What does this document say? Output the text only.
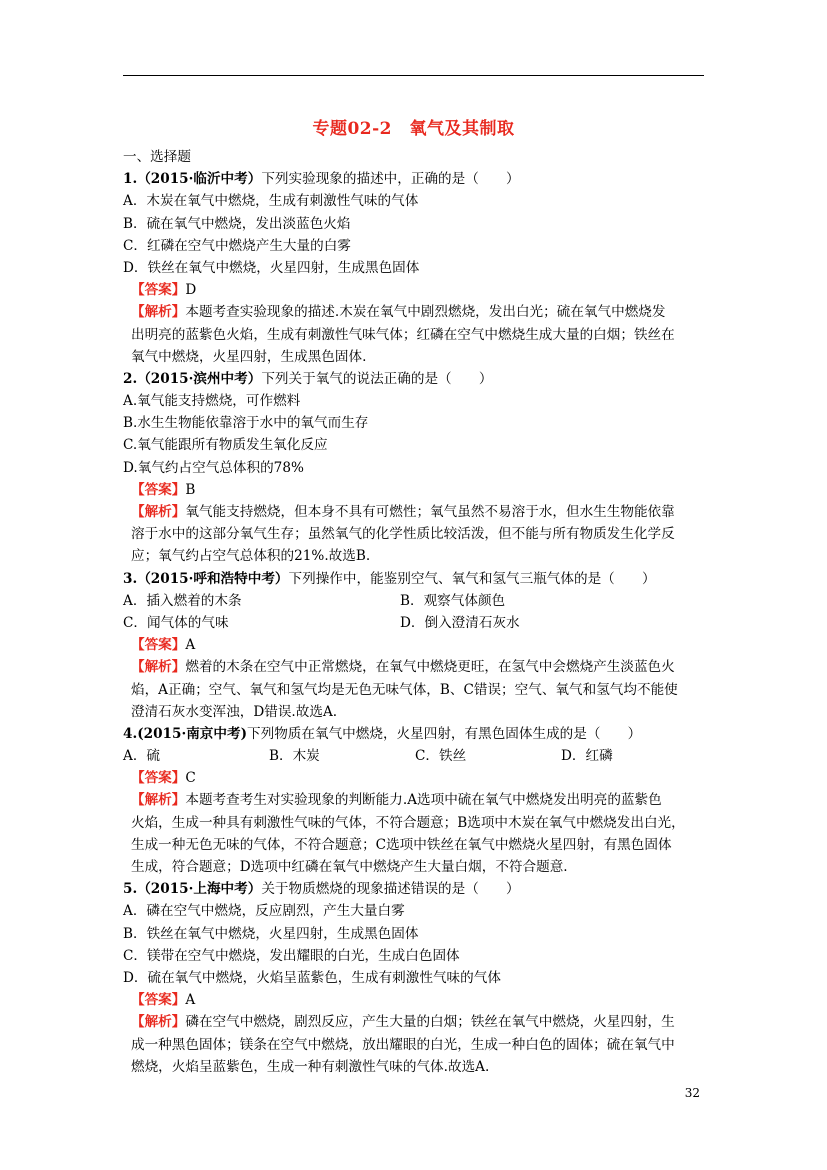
专题02-2　氧气及其制取
一、选择题
1.（2015·临沂中考）下列实验现象的描述中，正确的是（　　）
A．木炭在氧气中燃烧，生成有刺激性气味的气体
B．硫在氧气中燃烧，发出淡蓝色火焰
C．红磷在空气中燃烧产生大量的白雾
D．铁丝在氧气中燃烧，火星四射，生成黑色固体
【答案】D
【解析】本题考查实验现象的描述.木炭在氧气中剧烈燃烧，发出白光；硫在氧气中燃烧发
出明亮的蓝紫色火焰，生成有刺激性气味气体；红磷在空气中燃烧生成大量的白烟；铁丝在
氧气中燃烧，火星四射，生成黑色固体.
2.（2015·滨州中考）下列关于氧气的说法正确的是（　　）
A.氧气能支持燃烧，可作燃料
B.水生生物能依靠溶于水中的氧气而生存
C.氧气能跟所有物质发生氧化反应
D.氧气约占空气总体积的78%
【答案】B
【解析】氧气能支持燃烧，但本身不具有可燃性；氧气虽然不易溶于水，但水生生物能依靠
溶于水中的这部分氧气生存；虽然氧气的化学性质比较活泼，但不能与所有物质发生化学反
应；氧气约占空气总体积的21%.故选B.
3.（2015·呼和浩特中考）下列操作中，能鉴别空气、氧气和氢气三瓶气体的是（　　）
A．插入燃着的木条	B．观察气体颜色
C．闻气体的气味	D．倒入澄清石灰水
【答案】A
【解析】燃着的木条在空气中正常燃烧，在氧气中燃烧更旺，在氢气中会燃烧产生淡蓝色火
焰，A正确；空气、氧气和氢气均是无色无味气体，B、C错误；空气、氧气和氢气均不能使
澄清石灰水变浑浊，D错误.故选A.
4.(2015·南京中考)下列物质在氧气中燃烧，火星四射，有黑色固体生成的是（　　）
A．硫	B．木炭	C．铁丝	D．红磷
【答案】C
【解析】本题考查考生对实验现象的判断能力.A选项中硫在氧气中燃烧发出明亮的蓝紫色
火焰，生成一种具有刺激性气味的气体，不符合题意；B选项中木炭在氧气中燃烧发出白光，
生成一种无色无味的气体，不符合题意；C选项中铁丝在氧气中燃烧火星四射，有黑色固体
生成，符合题意；D选项中红磷在氧气中燃烧产生大量白烟，不符合题意.
5.（2015·上海中考）关于物质燃烧的现象描述错误的是（　　）
A．磷在空气中燃烧，反应剧烈，产生大量白雾
B．铁丝在氧气中燃烧，火星四射，生成黑色固体
C．镁带在空气中燃烧，发出耀眼的白光，生成白色固体
D．硫在氧气中燃烧，火焰呈蓝紫色，生成有刺激性气味的气体
【答案】A
【解析】磷在空气中燃烧，剧烈反应，产生大量的白烟；铁丝在氧气中燃烧，火星四射，生
成一种黑色固体；镁条在空气中燃烧，放出耀眼的白光，生成一种白色的固体；硫在氧气中
燃烧，火焰呈蓝紫色，生成一种有刺激性气味的气体.故选A.
32
